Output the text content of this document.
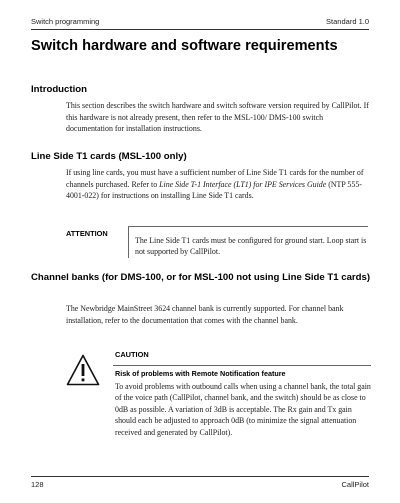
Switch programming	Standard 1.0
Switch hardware and software requirements
Introduction
This section describes the switch hardware and switch software version required by CallPilot. If this hardware is not already present, then refer to the MSL-100/ DMS-100 switch documentation for installation instructions.
Line Side T1 cards (MSL-100 only)
If using line cards, you must have a sufficient number of Line Side T1 cards for the number of channels purchased. Refer to Line Side T-1 Interface (LT1) for IPE Services Guide (NTP 555-4001-022) for instructions on installing Line Side T1 cards.
ATTENTION
The Line Side T1 cards must be configured for ground start. Loop start is not supported by CallPilot.
Channel banks (for DMS-100, or for MSL-100 not using Line Side T1 cards)
The Newbridge MainStreet 3624 channel bank is currently supported. For channel bank installation, refer to the documentation that comes with the channel bank.
CAUTION
Risk of problems with Remote Notification feature
To avoid problems with outbound calls when using a channel bank, the total gain of the voice path (CallPilot, channel bank, and the switch) should be as close to 0dB as possible. A variation of 3dB is acceptable. The Rx gain and Tx gain should each be adjusted to approach 0dB (to minimize the signal attenuation received and generated by CallPilot).
128	CallPilot
